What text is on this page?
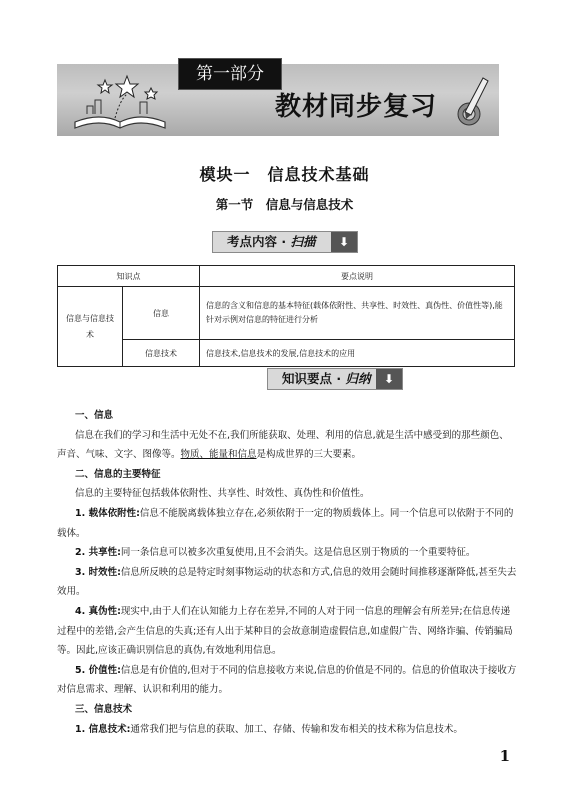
第一部分
教材同步复习
模块一　信息技术基础
第一节　信息与信息技术
考点内容 · 扫描	⬇
知识点		要点说明
信息与信息技术	信息	信息的含义和信息的基本特征(载体依附性、共享性、时效性、真伪性、价值性等),能针对示例对信息的特征进行分析
	信息技术	信息技术,信息技术的发展,信息技术的应用
知识要点 · 归纳	⬇

一、信息

信息在我们的学习和生活中无处不在,我们所能获取、处理、利用的信息,就是生活中感受到的那些颜色、声音、气味、文字、图像等。物质、能量和信息是构成世界的三大要素。

二、信息的主要特征

信息的主要特征包括载体依附性、共享性、时效性、真伪性和价值性。

1. 载体依附性:信息不能脱离载体独立存在,必须依附于一定的物质载体上。同一个信息可以依附于不同的载体。

2. 共享性:同一条信息可以被多次重复使用,且不会消失。这是信息区别于物质的一个重要特征。

3. 时效性:信息所反映的总是特定时刻事物运动的状态和方式,信息的效用会随时间推移逐渐降低,甚至失去效用。

4. 真伪性:现实中,由于人们在认知能力上存在差异,不同的人对于同一信息的理解会有所差异;在信息传递过程中的差错,会产生信息的失真;还有人出于某种目的会故意制造虚假信息,如虚假广告、网络诈骗、传销骗局等。因此,应该正确识别信息的真伪,有效地利用信息。

5. 价值性:信息是有价值的,但对于不同的信息接收方来说,信息的价值是不同的。信息的价值取决于接收方对信息需求、理解、认识和利用的能力。

三、信息技术

1. 信息技术:通常我们把与信息的获取、加工、存储、传输和发布相关的技术称为信息技术。

1
